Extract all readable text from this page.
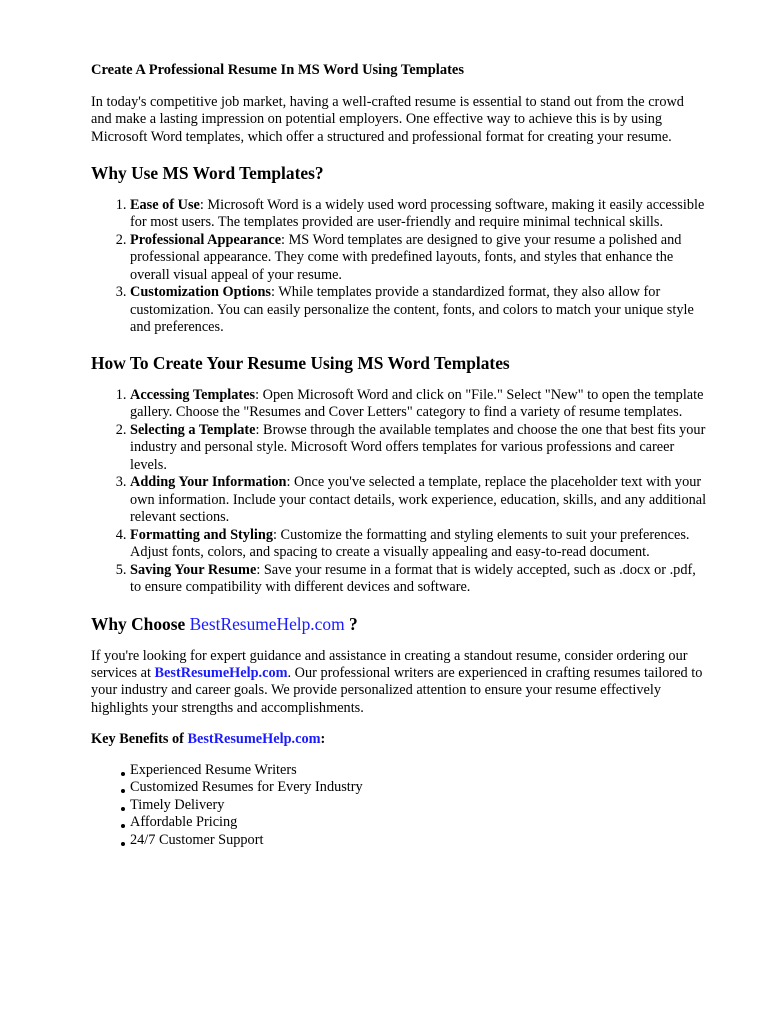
Create A Professional Resume In MS Word Using Templates

In today's competitive job market, having a well-crafted resume is essential to stand out from the crowd and make a lasting impression on potential employers. One effective way to achieve this is by using Microsoft Word templates, which offer a structured and professional format for creating your resume.

Why Use MS Word Templates?
1. Ease of Use: Microsoft Word is a widely used word processing software, making it easily accessible for most users. The templates provided are user-friendly and require minimal technical skills.
2. Professional Appearance: MS Word templates are designed to give your resume a polished and professional appearance. They come with predefined layouts, fonts, and styles that enhance the overall visual appeal of your resume.
3. Customization Options: While templates provide a standardized format, they also allow for customization. You can easily personalize the content, fonts, and colors to match your unique style and preferences.
How To Create Your Resume Using MS Word Templates
1. Accessing Templates: Open Microsoft Word and click on "File." Select "New" to open the template gallery. Choose the "Resumes and Cover Letters" category to find a variety of resume templates.
2. Selecting a Template: Browse through the available templates and choose the one that best fits your industry and personal style. Microsoft Word offers templates for various professions and career levels.
3. Adding Your Information: Once you've selected a template, replace the placeholder text with your own information. Include your contact details, work experience, education, skills, and any additional relevant sections.
4. Formatting and Styling: Customize the formatting and styling elements to suit your preferences. Adjust fonts, colors, and spacing to create a visually appealing and easy-to-read document.
5. Saving Your Resume: Save your resume in a format that is widely accepted, such as .docx or .pdf, to ensure compatibility with different devices and software.
Why Choose BestResumeHelp.com ?

If you're looking for expert guidance and assistance in creating a standout resume, consider ordering our services at BestResumeHelp.com. Our professional writers are experienced in crafting resumes tailored to your industry and career goals. We provide personalized attention to ensure your resume effectively highlights your strengths and accomplishments.

Key Benefits of BestResumeHelp.com:
Experienced Resume Writers
Customized Resumes for Every Industry
Timely Delivery
Affordable Pricing
24/7 Customer Support
